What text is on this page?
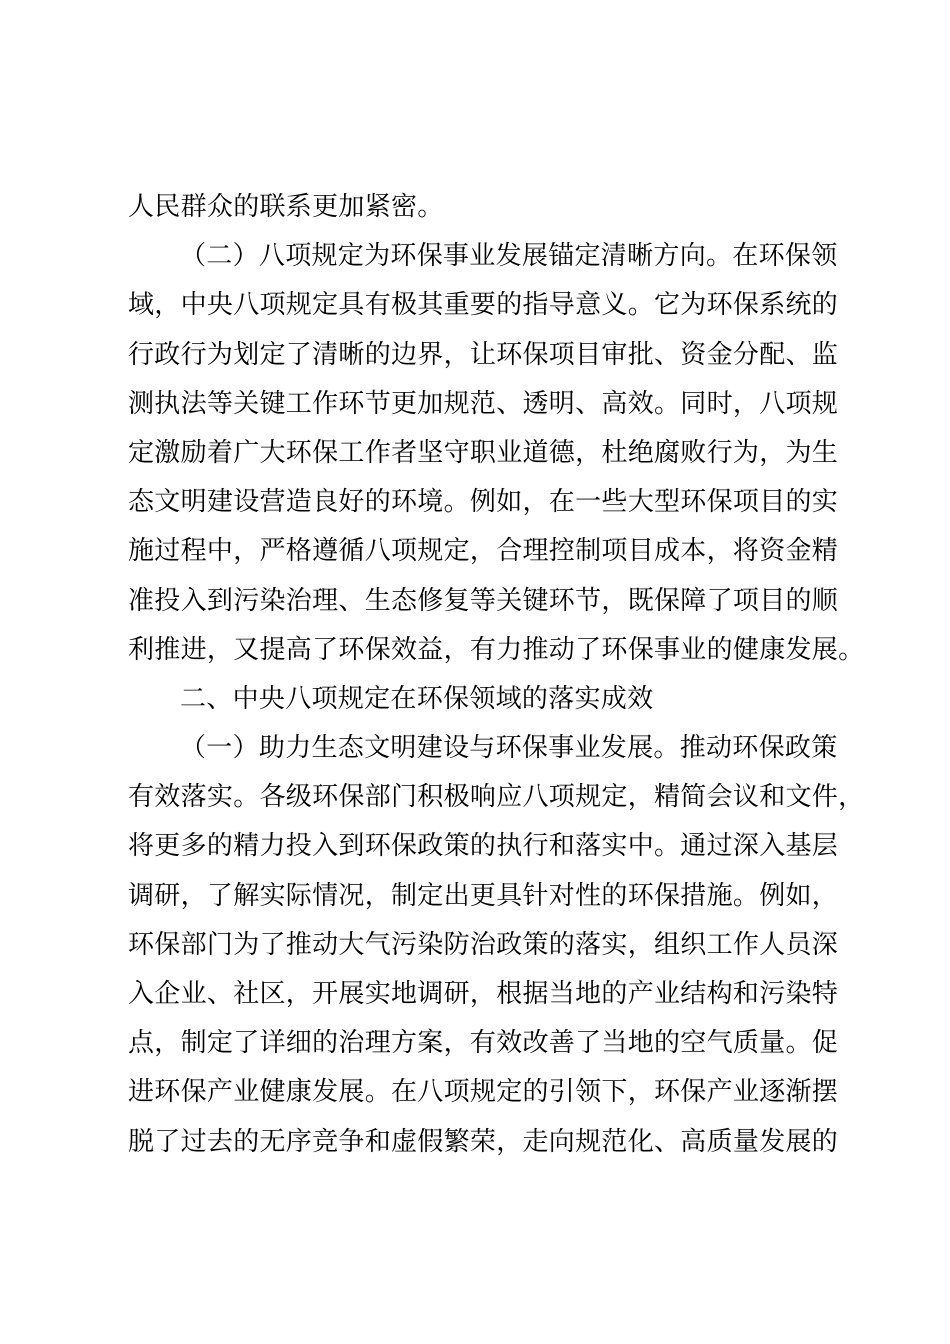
人民群众的联系更加紧密。
（二）八项规定为环保事业发展锚定清晰方向。在环保领
域，中央八项规定具有极其重要的指导意义。它为环保系统的
行政行为划定了清晰的边界，让环保项目审批、资金分配、监
测执法等关键工作环节更加规范、透明、高效。同时，八项规
定激励着广大环保工作者坚守职业道德，杜绝腐败行为，为生
态文明建设营造良好的环境。例如，在一些大型环保项目的实
施过程中，严格遵循八项规定，合理控制项目成本，将资金精
准投入到污染治理、生态修复等关键环节，既保障了项目的顺
利推进，又提高了环保效益，有力推动了环保事业的健康发展。
二、中央八项规定在环保领域的落实成效
（一）助力生态文明建设与环保事业发展。推动环保政策
有效落实。各级环保部门积极响应八项规定，精简会议和文件，
将更多的精力投入到环保政策的执行和落实中。通过深入基层
调研，了解实际情况，制定出更具针对性的环保措施。例如，
环保部门为了推动大气污染防治政策的落实，组织工作人员深
入企业、社区，开展实地调研，根据当地的产业结构和污染特
点，制定了详细的治理方案，有效改善了当地的空气质量。促
进环保产业健康发展。在八项规定的引领下，环保产业逐渐摆
脱了过去的无序竞争和虚假繁荣，走向规范化、高质量发展的
